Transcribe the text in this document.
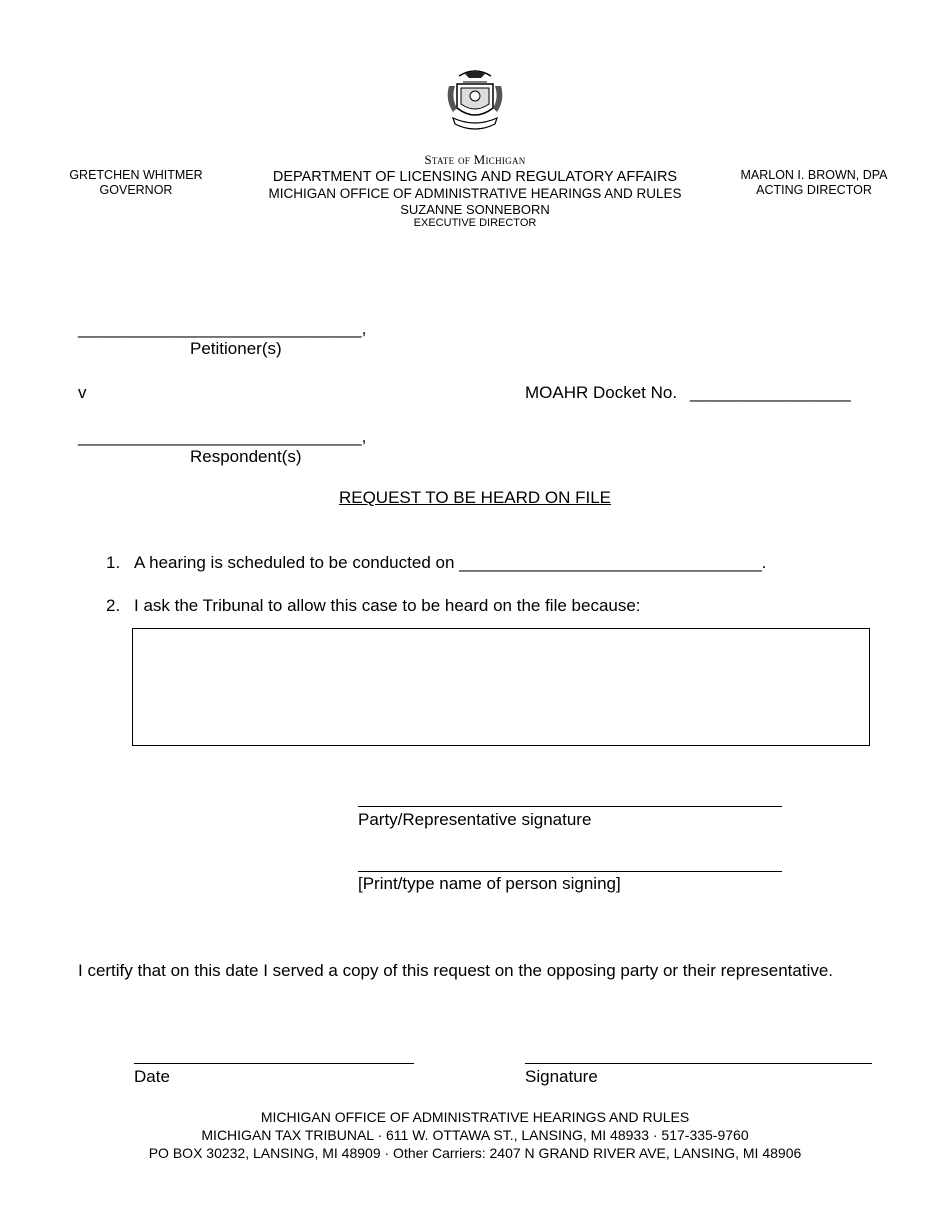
GRETCHEN WHITMER
GOVERNOR
State of Michigan
DEPARTMENT OF LICENSING AND REGULATORY AFFAIRS
MICHIGAN OFFICE OF ADMINISTRATIVE HEARINGS AND RULES
SUZANNE SONNEBORN
EXECUTIVE DIRECTOR
MARLON I. BROWN, DPA
ACTING DIRECTOR
______________________________,
Petitioner(s)
v	MOAHR Docket No. _________________
______________________________,
Respondent(s)
REQUEST TO BE HEARD ON FILE
1. A hearing is scheduled to be conducted on ________________________________.
2. I ask the Tribunal to allow this case to be heard on the file because:
Party/Representative signature
[Print/type name of person signing]
I certify that on this date I served a copy of this request on the opposing party or their representative.
Date	Signature
MICHIGAN OFFICE OF ADMINISTRATIVE HEARINGS AND RULES
MICHIGAN TAX TRIBUNAL · 611 W. OTTAWA ST., LANSING, MI 48933 · 517-335-9760
PO BOX 30232, LANSING, MI 48909 · Other Carriers: 2407 N GRAND RIVER AVE, LANSING, MI 48906
